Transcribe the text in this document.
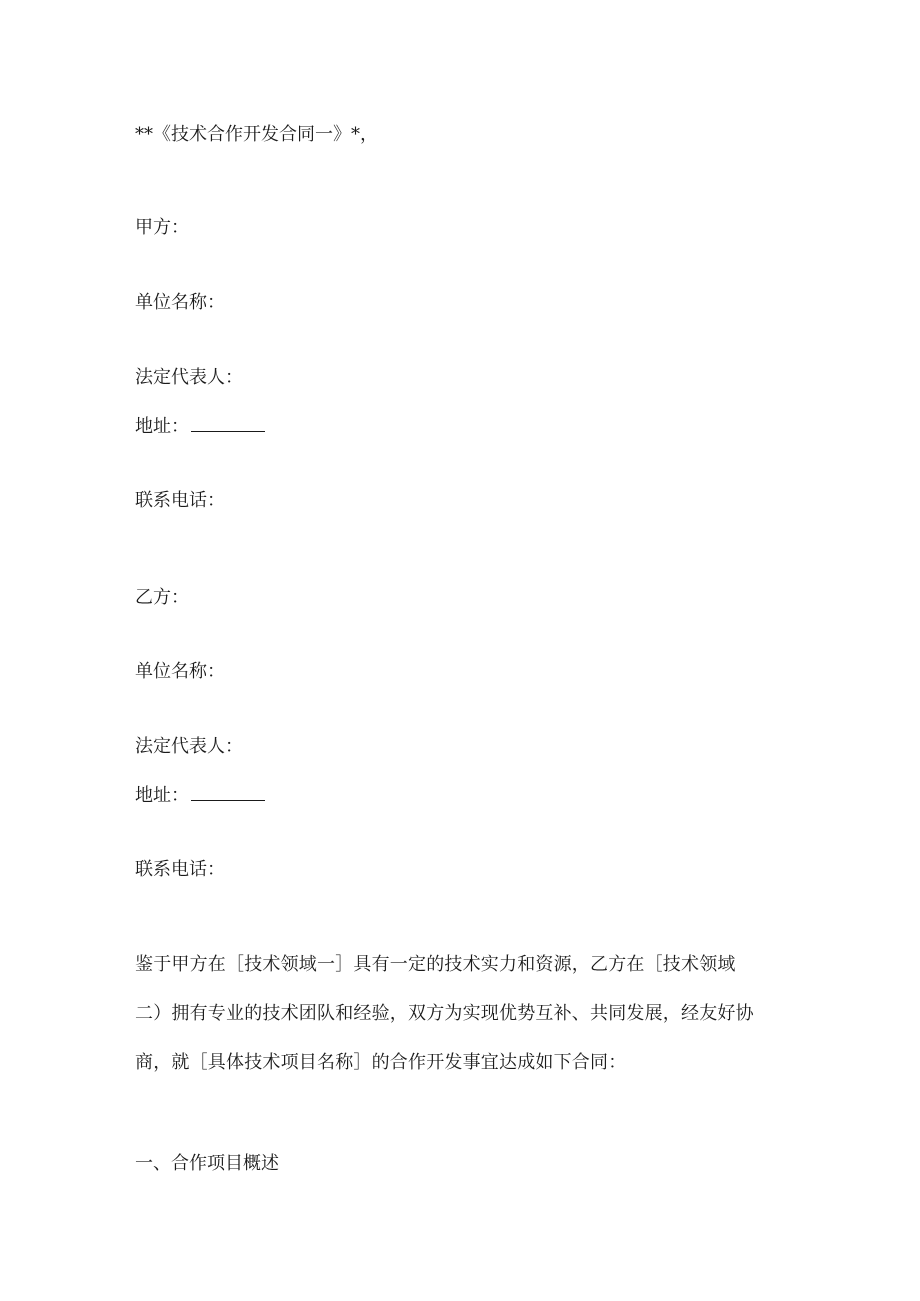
**《技术合作开发合同一》*，

甲方：

单位名称：

法定代表人：

地址：

联系电话：

乙方：

单位名称：

法定代表人：

地址：

联系电话：

鉴于甲方在［技术领域一］具有一定的技术实力和资源，乙方在［技术领域
二）拥有专业的技术团队和经验，双方为实现优势互补、共同发展，经友好协
商，就［具体技术项目名称］的合作开发事宜达成如下合同：

一、合作项目概述
